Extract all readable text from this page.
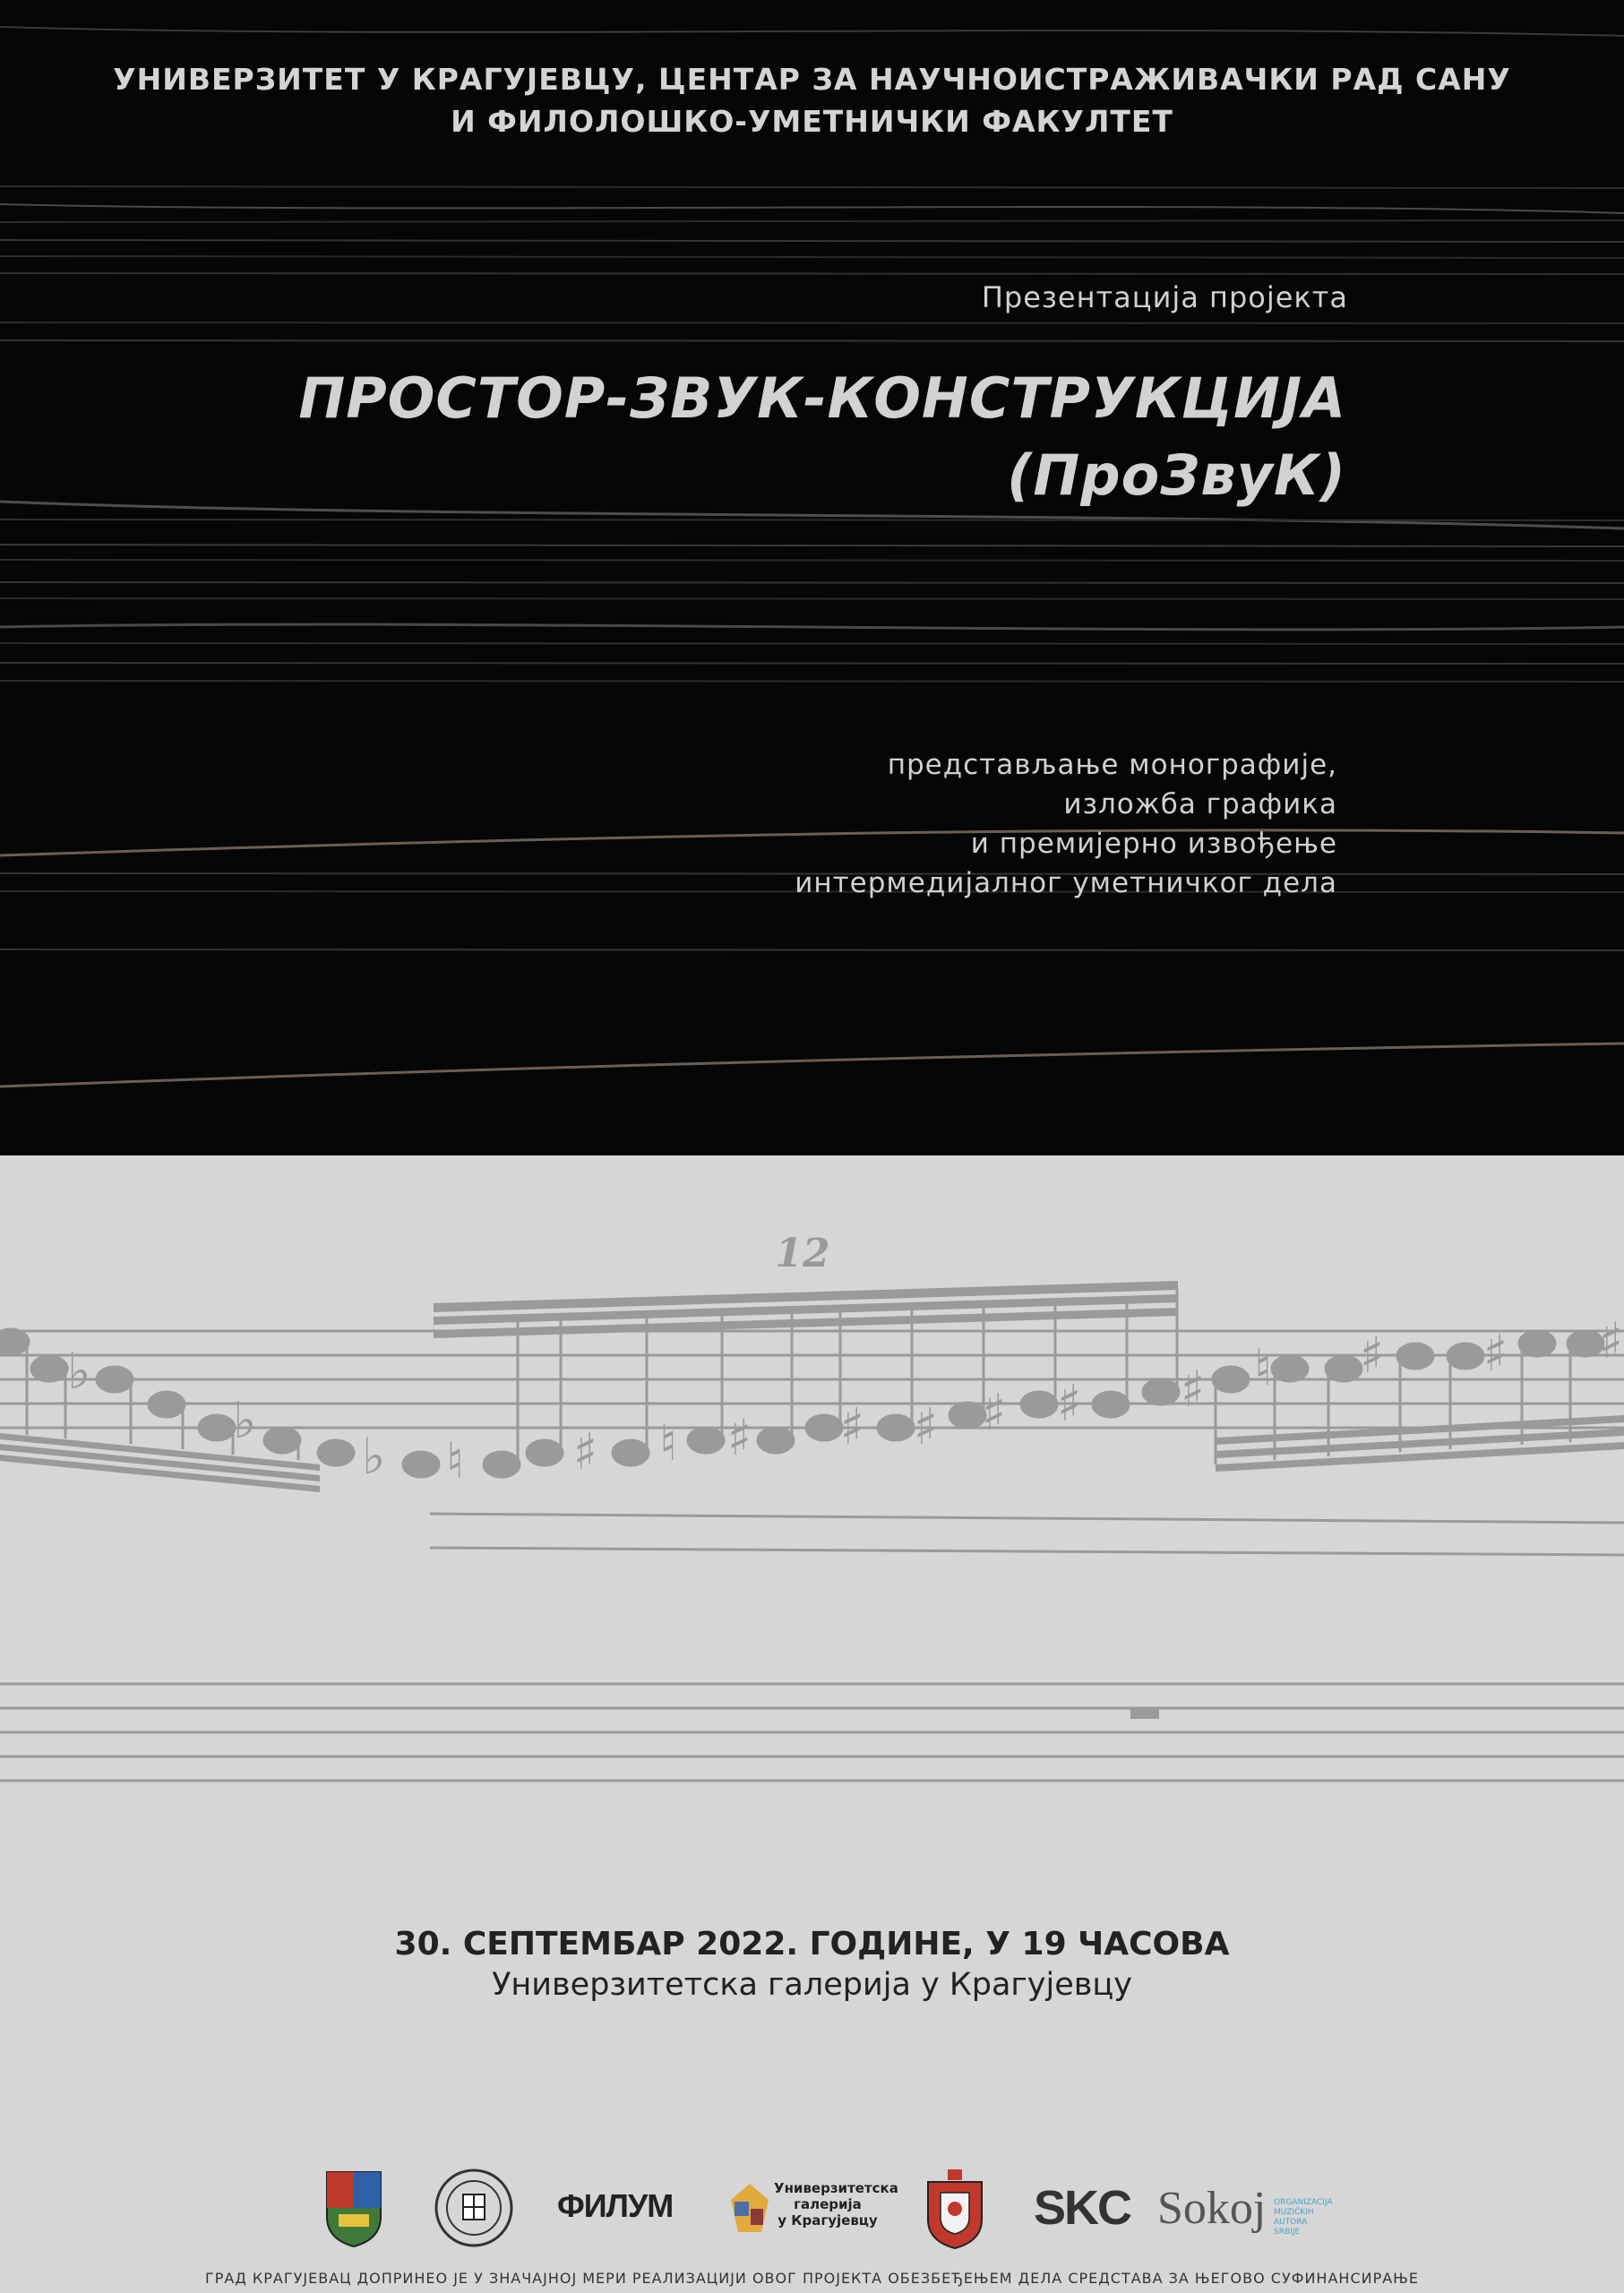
УНИВЕРЗИТЕТ У КРАГУЈЕВЦУ, ЦЕНТАР ЗА НАУЧНОИСТРАЖИВАЧКИ РАД САНУ
И ФИЛОЛОШКО-УМЕТНИЧКИ ФАКУЛТЕТ
Презентација пројекта
ПРОСТОР-ЗВУК-КОНСТРУКЦИЈА
(ПроЗвуК)
представљање монографије,
изложба графика
и премијерно извођење
интермедијалног уметничког дела
12
♭
♭
♭ ♮ ♯ ♮ ♯ ♯ ♯ ♯ ♯ ♯ ♮ ♯ ♯ ♯
30. СЕПТЕМБАР 2022. ГОДИНЕ, У 19 ЧАСОВА
Универзитетска галерија у Крагујевцу
ФИЛУМ	Универзитетска
галерија
у Крагујевцу	SKC Sokoj ORGANIZACIJA
MUZIČKIH AUTORA
SRBIJE
ГРАД КРАГУЈЕВАЦ ДОПРИНЕО ЈЕ У ЗНАЧАЈНОЈ МЕРИ РЕАЛИЗАЦИЈИ ОВОГ ПРОЈЕКТА ОБЕЗБЕЂЕЊЕМ ДЕЛА СРЕДСТАВА ЗА ЊЕГОВО СУФИНАНСИРАЊЕ
